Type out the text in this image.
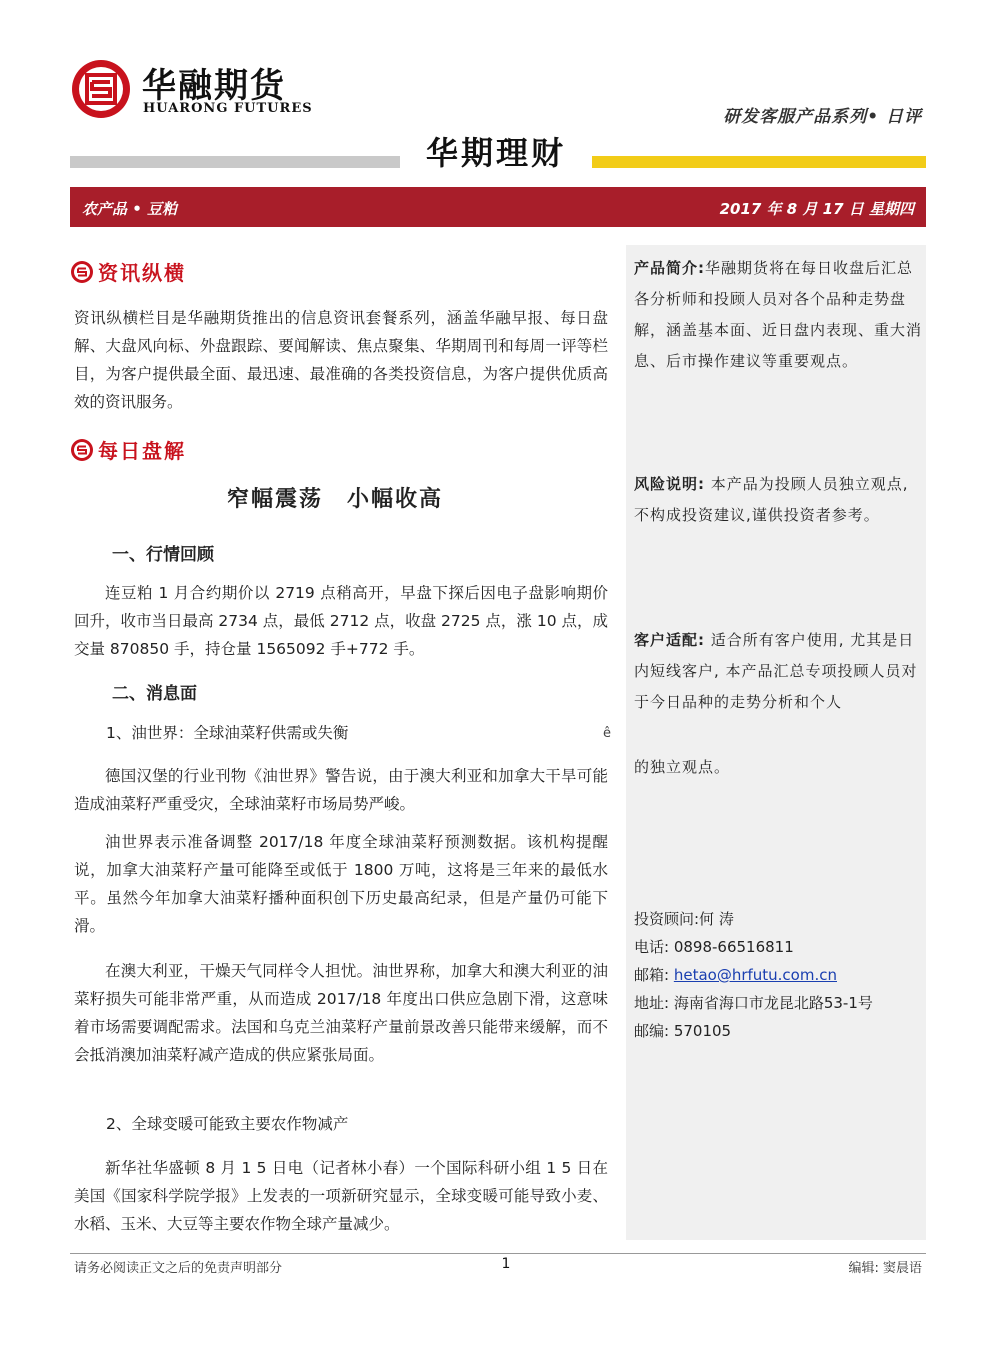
华融期货
HUARONG FUTURES	研发客服产品系列• 日评
华期理财
农产品 • 豆粕	2017 年 8 月 17 日 星期四
产品简介:华融期货将在每日收盘后汇总各分析师和投顾人员对各个品种走势盘解，涵盖基本面、近日盘内表现、重大消息、后市操作建议等重要观点。
风险说明: 本产品为投顾人员独立观点,不构成投资建议,谨供投资者参考。
客户适配: 适合所有客户使用, 尤其是日内短线客户, 本产品汇总专项投顾人员对于今日品种的走势分析和个人
的独立观点。
投资顾问:何 涛
电话: 0898-66516811
邮箱: hetao@hrfutu.com.cn
地址: 海南省海口市龙昆北路53-1号
邮编: 570105
资讯纵横
资讯纵横栏目是华融期货推出的信息资讯套餐系列，涵盖华融早报、每日盘解、大盘风向标、外盘跟踪、要闻解读、焦点聚集、华期周刊和每周一评等栏目，为客户提供最全面、最迅速、最准确的各类投资信息，为客户提供优质高效的资讯服务。
每日盘解
窄幅震荡　小幅收高
一、行情回顾
连豆粕 1 月合约期价以 2719 点稍高开，早盘下探后因电子盘影响期价回升，收市当日最高 2734 点，最低 2712 点，收盘 2725 点，涨 10 点，成交量 870850 手，持仓量 1565092 手+772 手。
二、消息面
1、油世界：全球油菜籽供需或失衡	ê
德国汉堡的行业刊物《油世界》警告说，由于澳大利亚和加拿大干旱可能造成油菜籽严重受灾，全球油菜籽市场局势严峻。
油世界表示准备调整 2017/18 年度全球油菜籽预测数据。该机构提醒说，加拿大油菜籽产量可能降至或低于 1800 万吨，这将是三年来的最低水平。虽然今年加拿大油菜籽播种面积创下历史最高纪录，但是产量仍可能下滑。
在澳大利亚，干燥天气同样令人担忧。油世界称，加拿大和澳大利亚的油菜籽损失可能非常严重，从而造成 2017/18 年度出口供应急剧下滑，这意味着市场需要调配需求。法国和乌克兰油菜籽产量前景改善只能带来缓解，而不会抵消澳加油菜籽减产造成的供应紧张局面。
2、全球变暖可能致主要农作物减产
新华社华盛顿 8 月 1 5 日电（记者林小春）一个国际科研小组 1 5 日在美国《国家科学院学报》上发表的一项新研究显示，全球变暖可能导致小麦、水稻、玉米、大豆等主要农作物全球产量减少。
请务必阅读正文之后的免责声明部分	1	编辑: 窦晨语
